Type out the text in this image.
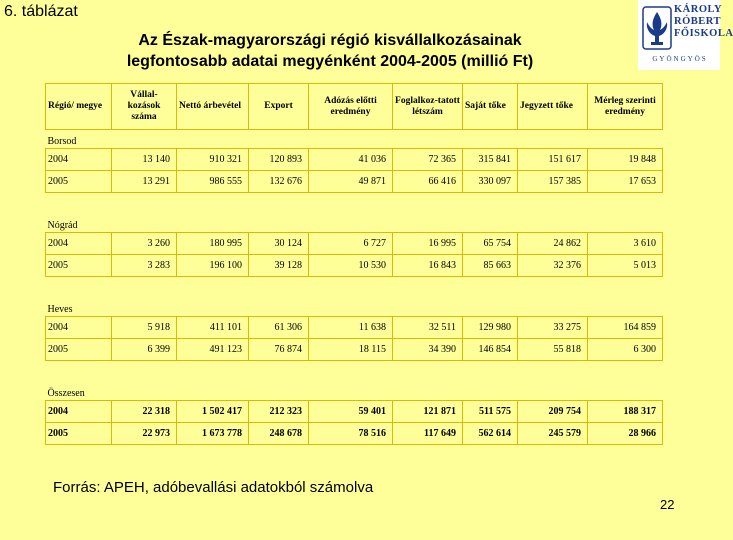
6. táblázat
Az Észak-magyarországi régió kisvállalkozásainak
legfontosabb adatai megyénként 2004-2005 (millió Ft)
KÁROLY
RÓBERT
FŐISKOLA
GYÖNGYÖS
Régió/ megye	Vállal-kozások száma	Nettó árbevétel	Export	Adózás előtti eredmény	Foglalkoz-tatott létszám	Saját tőke	Jegyzett tőke	Mérleg szerinti eredmény
Borsod								
2004	13 140	910 321	120 893	41 036	72 365	315 841	151 617	19 848
2005	13 291	986 555	132 676	49 871	66 416	330 097	157 385	17 653
Nógrád								
2004	3 260	180 995	30 124	6 727	16 995	65 754	24 862	3 610
2005	3 283	196 100	39 128	10 530	16 843	85 663	32 376	5 013
Heves								
2004	5 918	411 101	61 306	11 638	32 511	129 980	33 275	164 859
2005	6 399	491 123	76 874	18 115	34 390	146 854	55 818	6 300
Összesen								
2004	22 318	1 502 417	212 323	59 401	121 871	511 575	209 754	188 317
2005	22 973	1 673 778	248 678	78 516	117 649	562 614	245 579	28 966
Forrás: APEH, adóbevallási adatokból számolva
22
